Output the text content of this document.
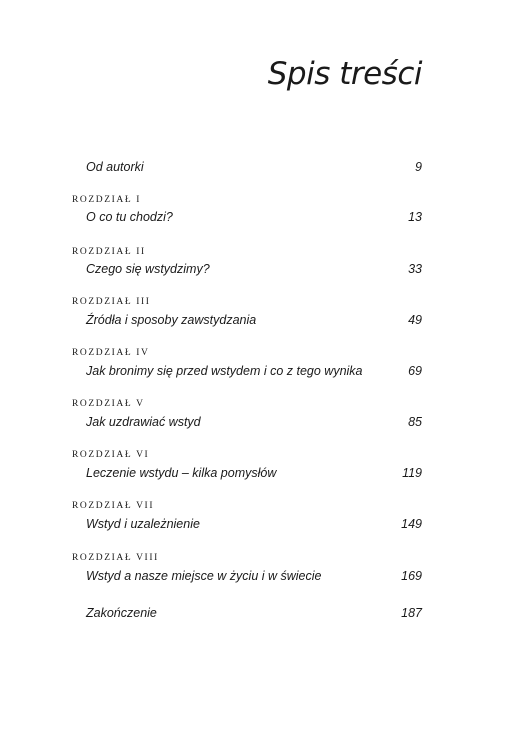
Spis treści
Od autorki	9
ROZDZIAŁ I
O co tu chodzi?	13
ROZDZIAŁ II
Czego się wstydzimy?	33
ROZDZIAŁ III
Źródła i sposoby zawstydzania	49
ROZDZIAŁ IV
Jak bronimy się przed wstydem i co z tego wynika	69
ROZDZIAŁ V
Jak uzdrawiać wstyd	85
ROZDZIAŁ VI
Leczenie wstydu – kilka pomysłów	119
ROZDZIAŁ VII
Wstyd i uzależnienie	149
ROZDZIAŁ VIII
Wstyd a nasze miejsce w życiu i w świecie	169
Zakończenie	187
